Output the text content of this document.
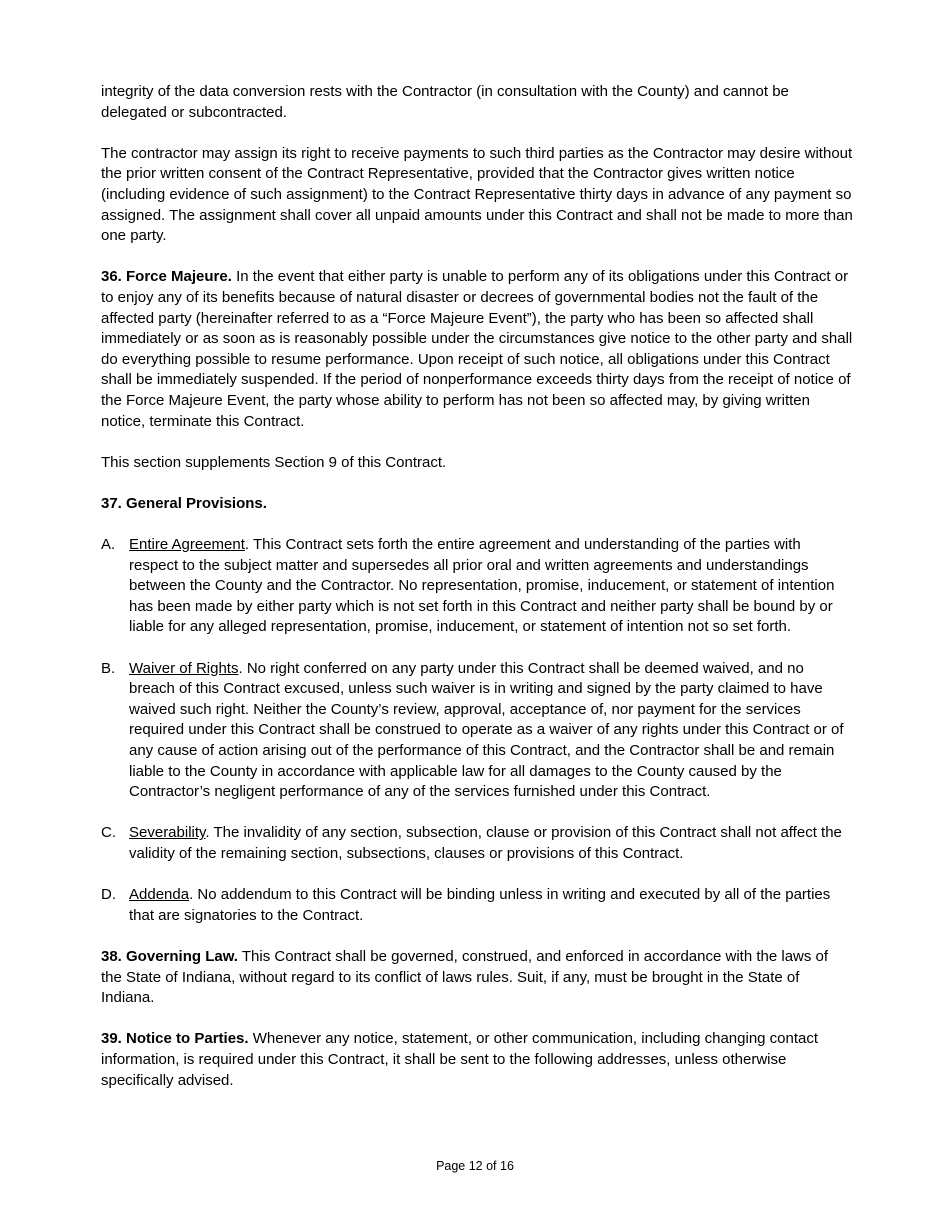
integrity of the data conversion rests with the Contractor (in consultation with the County) and cannot be delegated or subcontracted.

The contractor may assign its right to receive payments to such third parties as the Contractor may desire without the prior written consent of the Contract Representative, provided that the Contractor gives written notice (including evidence of such assignment) to the Contract Representative thirty days in advance of any payment so assigned. The assignment shall cover all unpaid amounts under this Contract and shall not be made to more than one party.

36. Force Majeure. In the event that either party is unable to perform any of its obligations under this Contract or to enjoy any of its benefits because of natural disaster or decrees of governmental bodies not the fault of the affected party (hereinafter referred to as a “Force Majeure Event”), the party who has been so affected shall immediately or as soon as is reasonably possible under the circumstances give notice to the other party and shall do everything possible to resume performance. Upon receipt of such notice, all obligations under this Contract shall be immediately suspended. If the period of nonperformance exceeds thirty days from the receipt of notice of the Force Majeure Event, the party whose ability to perform has not been so affected may, by giving written notice, terminate this Contract.

This section supplements Section 9 of this Contract.

37. General Provisions.

A. Entire Agreement. This Contract sets forth the entire agreement and understanding of the parties with respect to the subject matter and supersedes all prior oral and written agreements and understandings between the County and the Contractor. No representation, promise, inducement, or statement of intention has been made by either party which is not set forth in this Contract and neither party shall be bound by or liable for any alleged representation, promise, inducement, or statement of intention not so set forth.
B. Waiver of Rights. No right conferred on any party under this Contract shall be deemed waived, and no breach of this Contract excused, unless such waiver is in writing and signed by the party claimed to have waived such right. Neither the County’s review, approval, acceptance of, nor payment for the services required under this Contract shall be construed to operate as a waiver of any rights under this Contract or of any cause of action arising out of the performance of this Contract, and the Contractor shall be and remain liable to the County in accordance with applicable law for all damages to the County caused by the Contractor’s negligent performance of any of the services furnished under this Contract.
C. Severability. The invalidity of any section, subsection, clause or provision of this Contract shall not affect the validity of the remaining section, subsections, clauses or provisions of this Contract.
D. Addenda. No addendum to this Contract will be binding unless in writing and executed by all of the parties that are signatories to the Contract.

38. Governing Law. This Contract shall be governed, construed, and enforced in accordance with the laws of the State of Indiana, without regard to its conflict of laws rules. Suit, if any, must be brought in the State of Indiana.

39. Notice to Parties. Whenever any notice, statement, or other communication, including changing contact information, is required under this Contract, it shall be sent to the following addresses, unless otherwise specifically advised.

Page 12 of 16
